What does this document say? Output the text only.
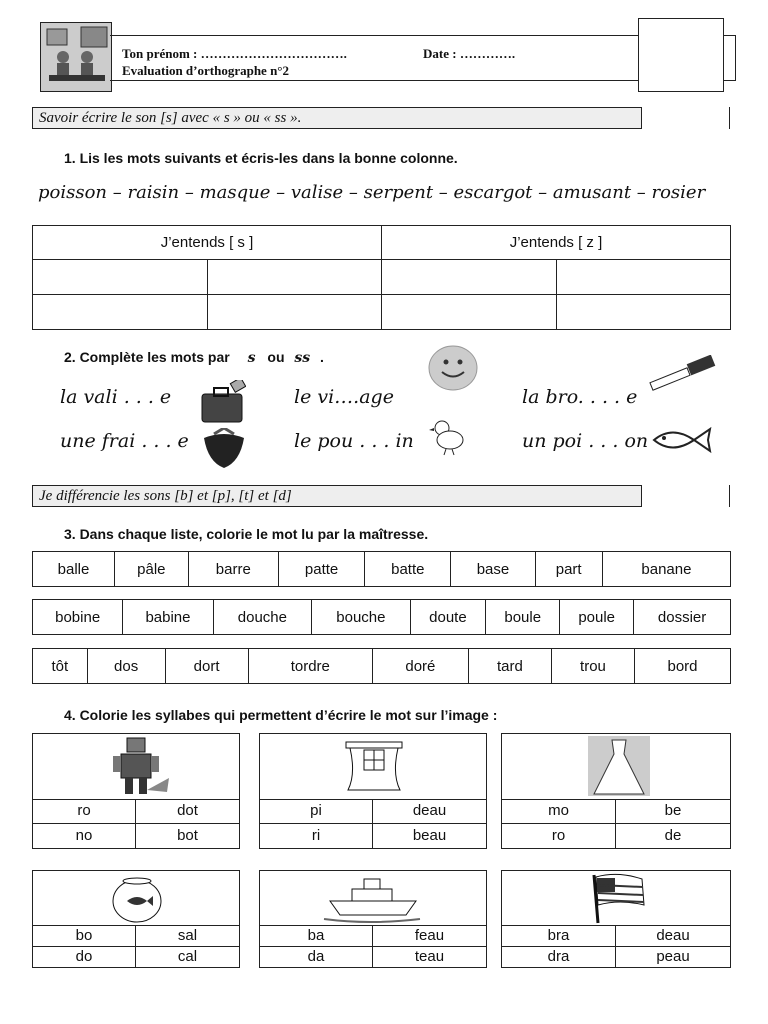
Ton prénom : …………………………….	Date : ………….
Evaluation d’orthographe n°2
Savoir écrire le son [s] avec « s » ou « ss ».
1. Lis les mots suivants et écris-les dans la bonne colonne.
poisson – raisin – masque – valise – serpent – escargot – amusant – rosier
J’entends [ s ]		J’entends [ z ]	

2. Complète les mots par s ou ss .
la vali . . . e
une frai . . . e
le vi….age
le pou . . . in
la bro. . . . e
un poi . . . on
Je différencie les sons [b] et [p], [t] et [d]
3. Dans chaque liste, colorie le mot lu par la maîtresse.
balle	pâle	barre	patte	batte	base	part	banane
bobine	babine	douche	bouche	doute	boule	poule	dossier
tôt	dos	dort	tordre	doré	tard	trou	bord
4. Colorie les syllabes qui permettent d’écrire le mot sur l’image :
ro	dot
no	bot
pi	deau
ri	beau
mo	be
ro	de
bo	sal
do	cal
ba	feau
da	teau
bra	deau
dra	peau
